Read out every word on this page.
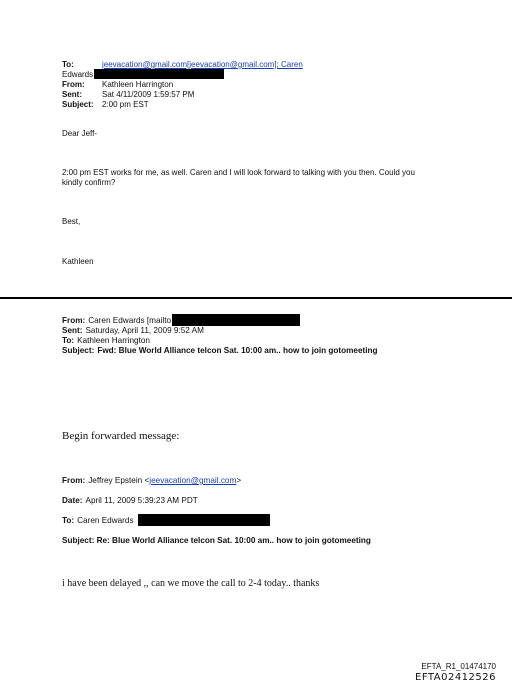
To:	jeevacation@gmail.com[jeevacation@gmail.com]; Caren
Edwards
From: Kathleen Harrington
Sent:	Sat 4/11/2009 1:59:57 PM
Subject: 2:00 pm EST
Dear Jeff-
2:00 pm EST works for me, as well. Caren and I will look forward to talking with you then. Could you
kindly confirm?
Best,
Kathleen
From: Caren Edwards [mailto
Sent: Saturday, April 11, 2009 9:52 AM
To: Kathleen Harrington
Subject: Fwd: Blue World Alliance telcon Sat. 10:00 am.. how to join gotomeeting
Begin forwarded message:
From: Jeffrey Epstein <jeevacation@gmail.com>
Date: April 11, 2009 5:39:23 AM PDT
To: Caren Edwards
Subject: Re: Blue World Alliance telcon Sat. 10:00 am.. how to join gotomeeting
i have been delayed ,, can we move the call to 2-4 today.. thanks
EFTA_R1_01474170
EFTA02412526
